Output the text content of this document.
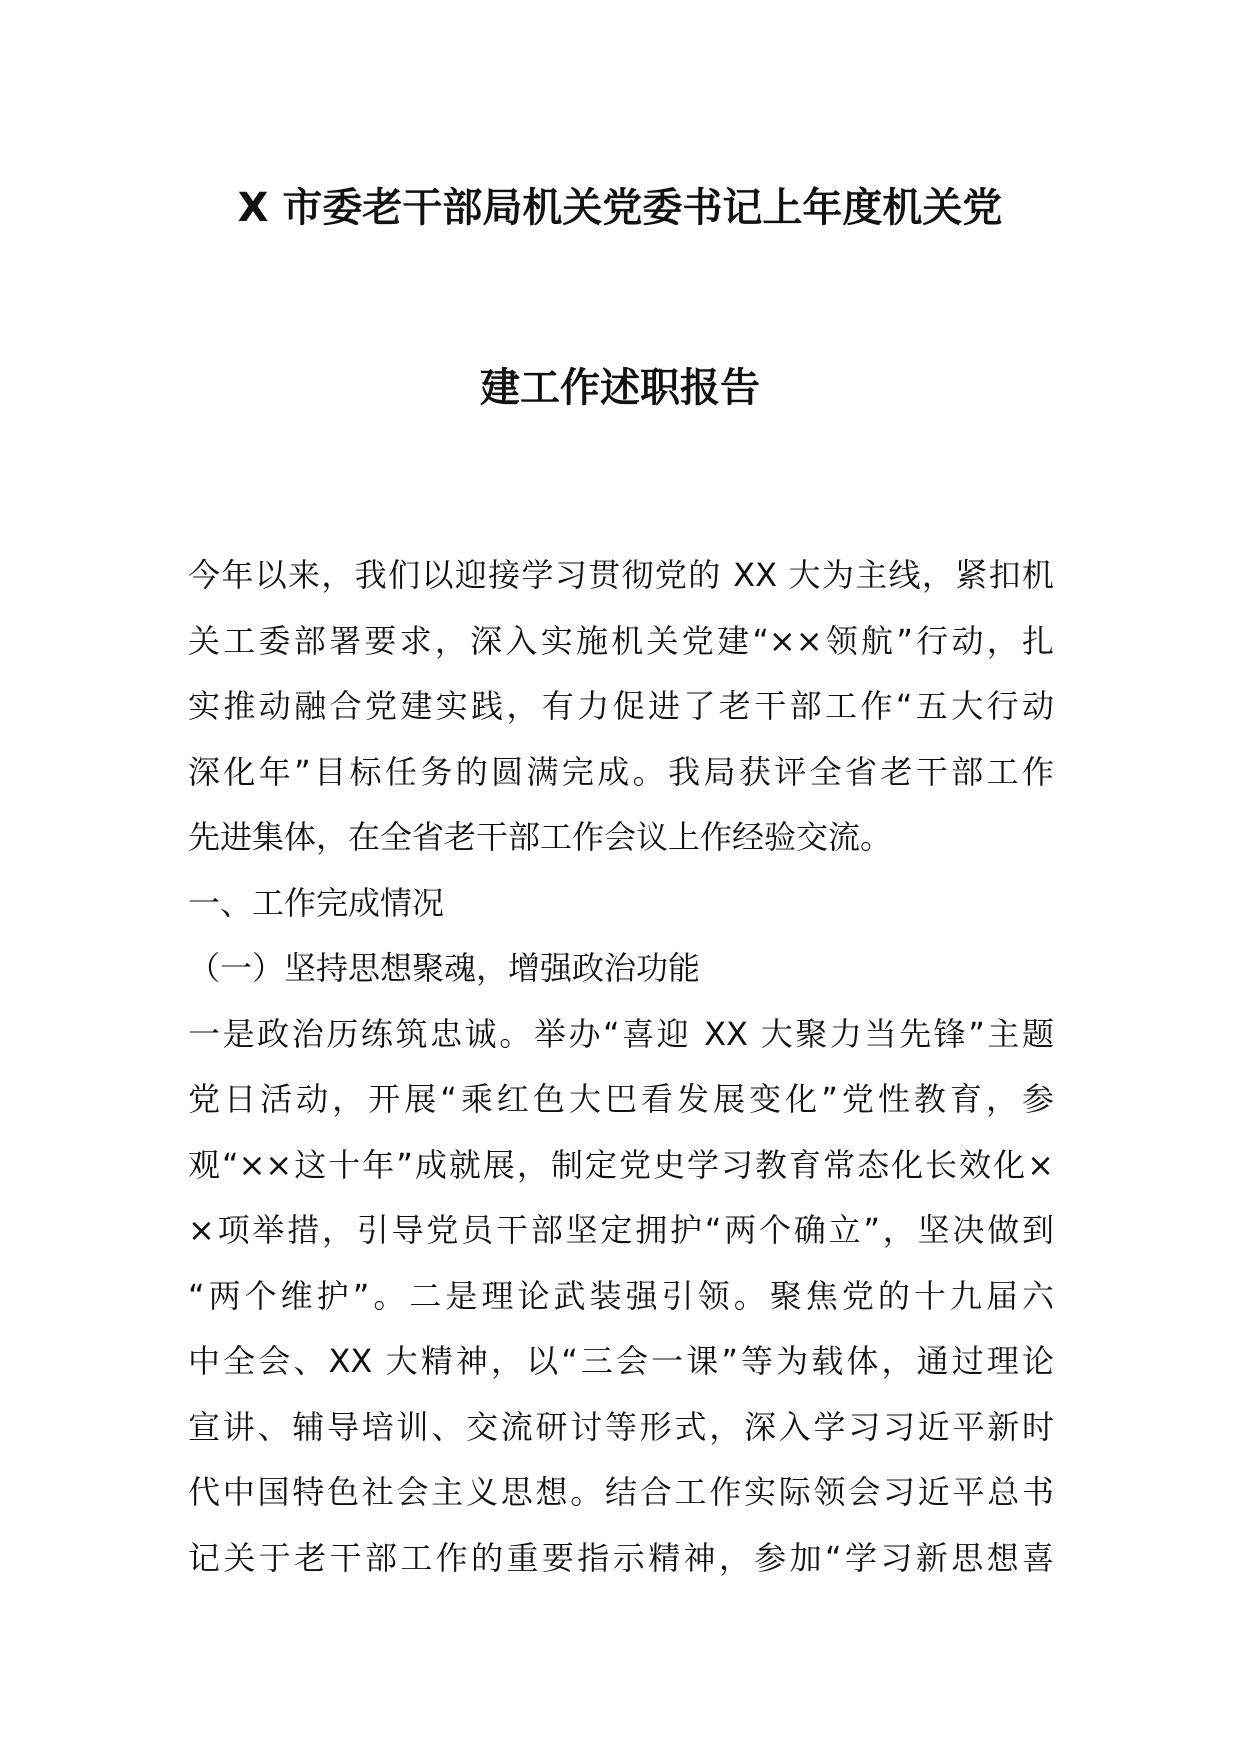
X 市委老干部局机关党委书记上年度机关党
建工作述职报告
今年以来，我们以迎接学习贯彻党的 XX 大为主线，紧扣机
关工委部署要求，深入实施机关党建“××领航”行动，扎
实推动融合党建实践，有力促进了老干部工作“五大行动
深化年”目标任务的圆满完成。我局获评全省老干部工作
先进集体，在全省老干部工作会议上作经验交流。
一、工作完成情况
（一）坚持思想聚魂，增强政治功能
一是政治历练筑忠诚。举办“喜迎 XX 大聚力当先锋”主题
党日活动，开展“乘红色大巴看发展变化”党性教育，参
观“××这十年”成就展，制定党史学习教育常态化长效化×
×项举措，引导党员干部坚定拥护“两个确立”，坚决做到
“两个维护”。二是理论武装强引领。聚焦党的十九届六
中全会、XX 大精神，以“三会一课”等为载体，通过理论
宣讲、辅导培训、交流研讨等形式，深入学习习近平新时
代中国特色社会主义思想。结合工作实际领会习近平总书
记关于老干部工作的重要指示精神，参加“学习新思想喜
